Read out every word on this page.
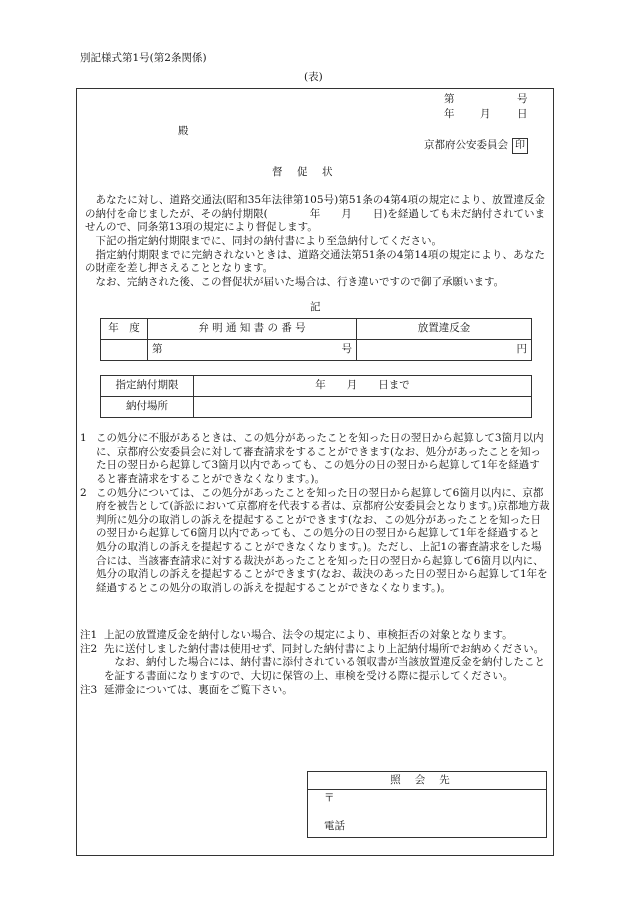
別記様式第1号(第2条関係)
(表)
第	号
年 月	日
殿
京都府公安委員会 印
督　促　状

あなたに対し、道路交通法(昭和35年法律第105号)第51条の4第4項の規定により、放置違反金の納付を命じましたが、その納付期限(　　　　年　　月　　日)を経過しても未だ納付されていませんので、同条第13項の規定により督促します。

下記の指定納付期限までに、同封の納付書により至急納付してください。

指定納付期限までに完納されないときは、道路交通法第51条の4第14項の規定により、あなたの財産を差し押さえることとなります。

なお、完納された後、この督促状が届いた場合は、行き違いですので御了承願います。

記
年　度	弁 明 通 知 書 の 番 号		放置違反金
	第	号	円
指定納付期限	年　　月　　日まで
納付場所	

1 この処分に不服があるときは、この処分があったことを知った日の翌日から起算して3箇月以内に、京都府公安委員会に対して審査請求をすることができます(なお、処分があったことを知った日の翌日から起算して3箇月以内であっても、この処分の日の翌日から起算して1年を経過すると審査請求をすることができなくなります。)。

2 この処分については、この処分があったことを知った日の翌日から起算して6箇月以内に、京都府を被告として(訴訟において京都府を代表する者は、京都府公安委員会となります。)京都地方裁判所に処分の取消しの訴えを提起することができます(なお、この処分があったことを知った日の翌日から起算して6箇月以内であっても、この処分の日の翌日から起算して1年を経過すると処分の取消しの訴えを提起することができなくなります。)。ただし、上記1の審査請求をした場合には、当該審査請求に対する裁決があったことを知った日の翌日から起算して6箇月以内に、処分の取消しの訴えを提起することができます(なお、裁決のあった日の翌日から起算して1年を経過するとこの処分の取消しの訴えを提起することができなくなります。)。

注1 上記の放置違反金を納付しない場合、法令の規定により、車検拒否の対象となります。

注2 先に送付しました納付書は使用せず、同封した納付書により上記納付場所でお納めください。

なお、納付した場合には、納付書に添付されている領収書が当該放置違反金を納付したことを証する書面になりますので、大切に保管の上、車検を受ける際に提示してください。

注3 延滞金については、裏面をご覧下さい。

照会先
〒
電話
